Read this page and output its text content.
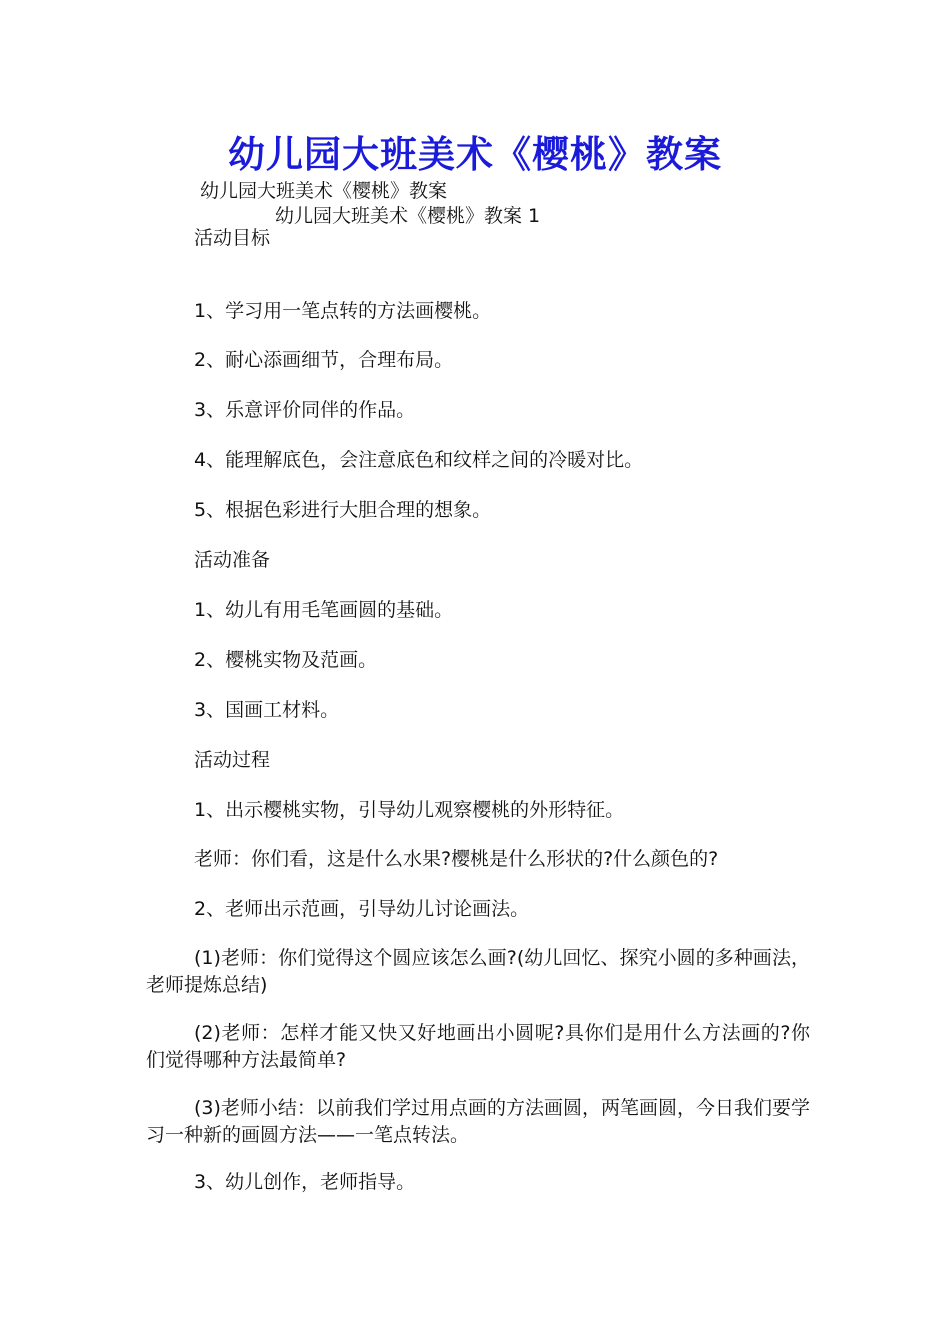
幼儿园大班美术《樱桃》教案
幼儿园大班美术《樱桃》教案
幼儿园大班美术《樱桃》教案 1

活动目标

1、学习用一笔点转的方法画樱桃。

2、耐心添画细节，合理布局。

3、乐意评价同伴的作品。

4、能理解底色，会注意底色和纹样之间的冷暖对比。

5、根据色彩进行大胆合理的想象。

活动准备

1、幼儿有用毛笔画圆的基础。

2、樱桃实物及范画。

3、国画工材料。

活动过程

1、出示樱桃实物，引导幼儿观察樱桃的外形特征。

老师：你们看，这是什么水果?樱桃是什么形状的?什么颜色的?

2、老师出示范画，引导幼儿讨论画法。

(1)老师：你们觉得这个圆应该怎么画?(幼儿回忆、探究小圆的多种画法，老师提炼总结)

(2)老师：怎样才能又快又好地画出小圆呢?具你们是用什么方法画的?你们觉得哪种方法最简单?

(3)老师小结：以前我们学过用点画的方法画圆，两笔画圆，今日我们要学习一种新的画圆方法——一笔点转法。

3、幼儿创作，老师指导。
